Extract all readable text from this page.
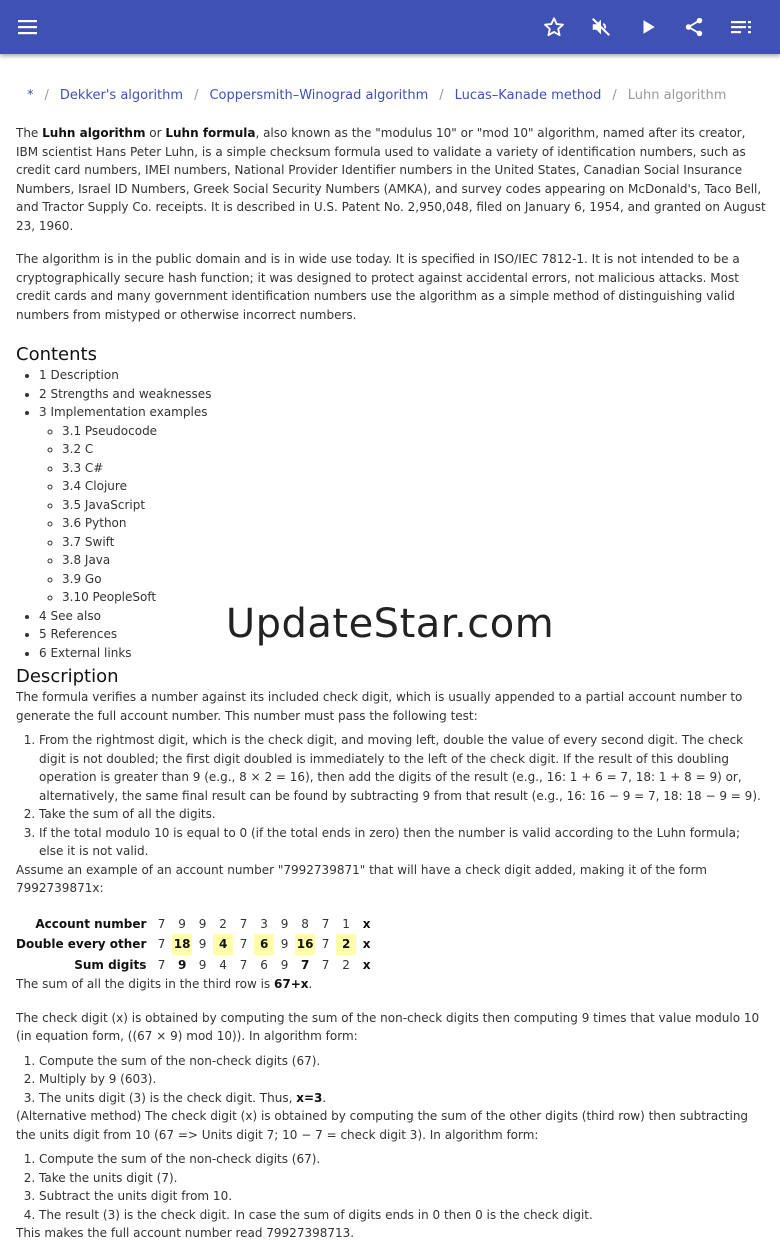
* / Dekker's algorithm / Coppersmith–Winograd algorithm / Lucas–Kanade method / Luhn algorithm
UpdateStar.com

The Luhn algorithm or Luhn formula, also known as the "modulus 10" or "mod 10" algorithm, named after its creator, IBM scientist Hans Peter Luhn, is a simple checksum formula used to validate a variety of identification numbers, such as credit card numbers, IMEI numbers, National Provider Identifier numbers in the United States, Canadian Social Insurance Numbers, Israel ID Numbers, Greek Social Security Numbers (AMKA), and survey codes appearing on McDonald's, Taco Bell, and Tractor Supply Co. receipts. It is described in U.S. Patent No. 2,950,048, filed on January 6, 1954, and granted on August 23, 1960.

The algorithm is in the public domain and is in wide use today. It is specified in ISO/IEC 7812-1. It is not intended to be a cryptographically secure hash function; it was designed to protect against accidental errors, not malicious attacks. Most credit cards and many government identification numbers use the algorithm as a simple method of distinguishing valid numbers from mistyped or otherwise incorrect numbers.

Contents
• 1 Description
• 2 Strengths and weaknesses
• 3 Implementation examples
◦ 3.1 Pseudocode
◦ 3.2 C
◦ 3.3 C#
◦ 3.4 Clojure
◦ 3.5 JavaScript
◦ 3.6 Python
◦ 3.7 Swift
◦ 3.8 Java
◦ 3.9 Go
◦ 3.10 PeopleSoft
• 4 See also
• 5 References
• 6 External links
Description

The formula verifies a number against its included check digit, which is usually appended to a partial account number to generate the full account number. This number must pass the following test:

1. From the rightmost digit, which is the check digit, and moving left, double the value of every second digit. The check digit is not doubled; the first digit doubled is immediately to the left of the check digit. If the result of this doubling operation is greater than 9 (e.g., 8 × 2 = 16), then add the digits of the result (e.g., 16: 1 + 6 = 7, 18: 1 + 8 = 9) or, alternatively, the same final result can be found by subtracting 9 from that result (e.g., 16: 16 − 9 = 7, 18: 18 − 9 = 9).
2. Take the sum of all the digits.
3. If the total modulo 10 is equal to 0 (if the total ends in zero) then the number is valid according to the Luhn formula; else it is not valid.
Assume an example of an account number "7992739871" that will have a check digit added, making it of the form 7992739871x:
Account number	7	9	9	2	7	3	9	8	7	1	x
Double every other	7	18	9	4	7	6	9	16	7	2	x
Sum digits	7	9	9	4	7	6	9	7	7	2	x

The sum of all the digits in the third row is 67+x.

The check digit (x) is obtained by computing the sum of the non-check digits then computing 9 times that value modulo 10 (in equation form, ((67 × 9) mod 10)). In algorithm form:

1. Compute the sum of the non-check digits (67).
2. Multiply by 9 (603).
3. The units digit (3) is the check digit. Thus, x=3.

(Alternative method) The check digit (x) is obtained by computing the sum of the other digits (third row) then subtracting the units digit from 10 (67 => Units digit 7; 10 − 7 = check digit 3). In algorithm form:

1. Compute the sum of the non-check digits (67).
2. Take the units digit (7).
3. Subtract the units digit from 10.
4. The result (3) is the check digit. In case the sum of digits ends in 0 then 0 is the check digit.
This makes the full account number read 79927398713.
